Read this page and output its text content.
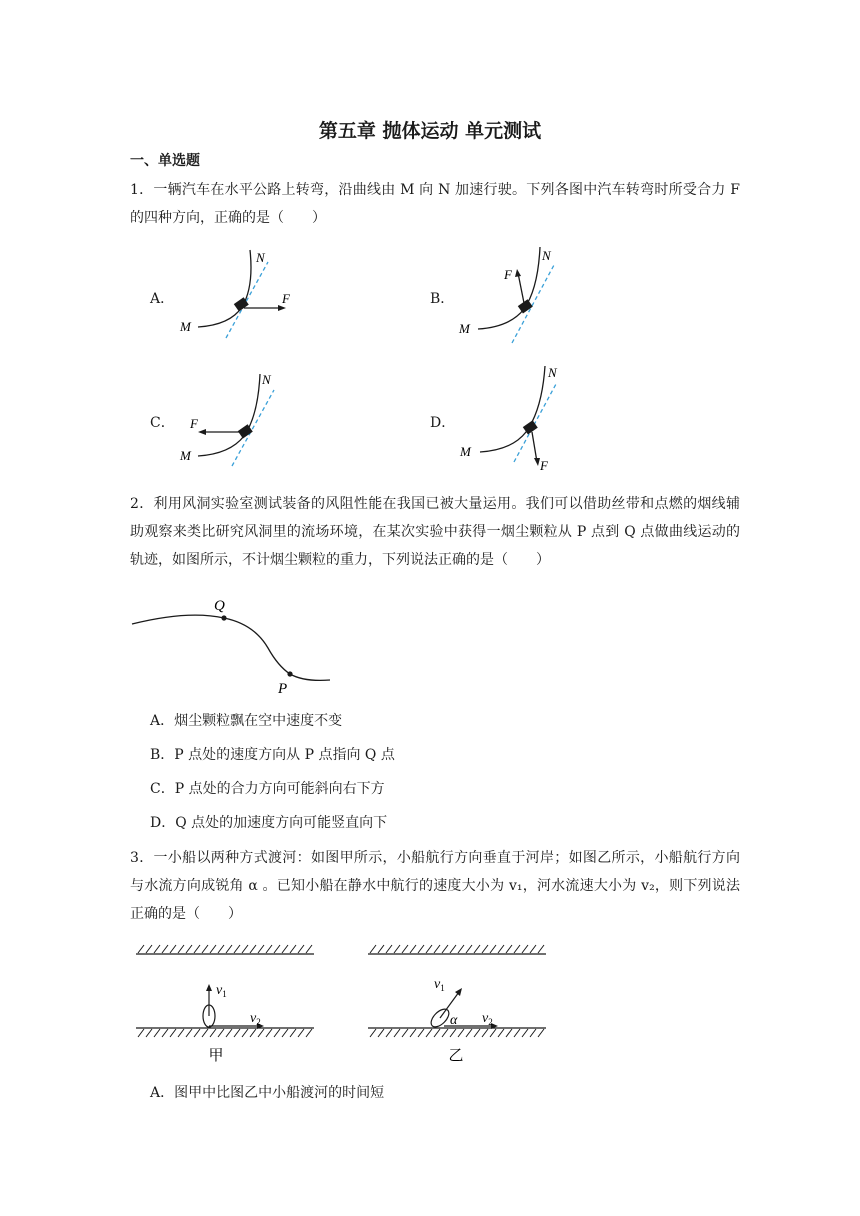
第五章 抛体运动 单元测试
一、单选题
1．一辆汽车在水平公路上转弯，沿曲线由 M 向 N 加速行驶。下列各图中汽车转弯时所受合力 F 的四种方向，正确的是（　　）
A．	B．
C．	D．
M
N
F
M
N
F
M
N
F
M
N
F
2．利用风洞实验室测试装备的风阻性能在我国已被大量运用。我们可以借助丝带和点燃的烟线辅助观察来类比研究风洞里的流场环境，在某次实验中获得一烟尘颗粒从 P 点到 Q 点做曲线运动的轨迹，如图所示，不计烟尘颗粒的重力，下列说法正确的是（　　）
Q
P
A．烟尘颗粒飘在空中速度不变
B．P 点处的速度方向从 P 点指向 Q 点
C．P 点处的合力方向可能斜向右下方
D．Q 点处的加速度方向可能竖直向下
3．一小船以两种方式渡河：如图甲所示，小船航行方向垂直于河岸；如图乙所示，小船航行方向与水流方向成锐角 α 。已知小船在静水中航行的速度大小为 v₁，河水流速大小为 v₂，则下列说法正确的是（　　）
$v_1$
$v_2$
甲
$v_1$
$v_2$
α
乙
A．图甲中比图乙中小船渡河的时间短
